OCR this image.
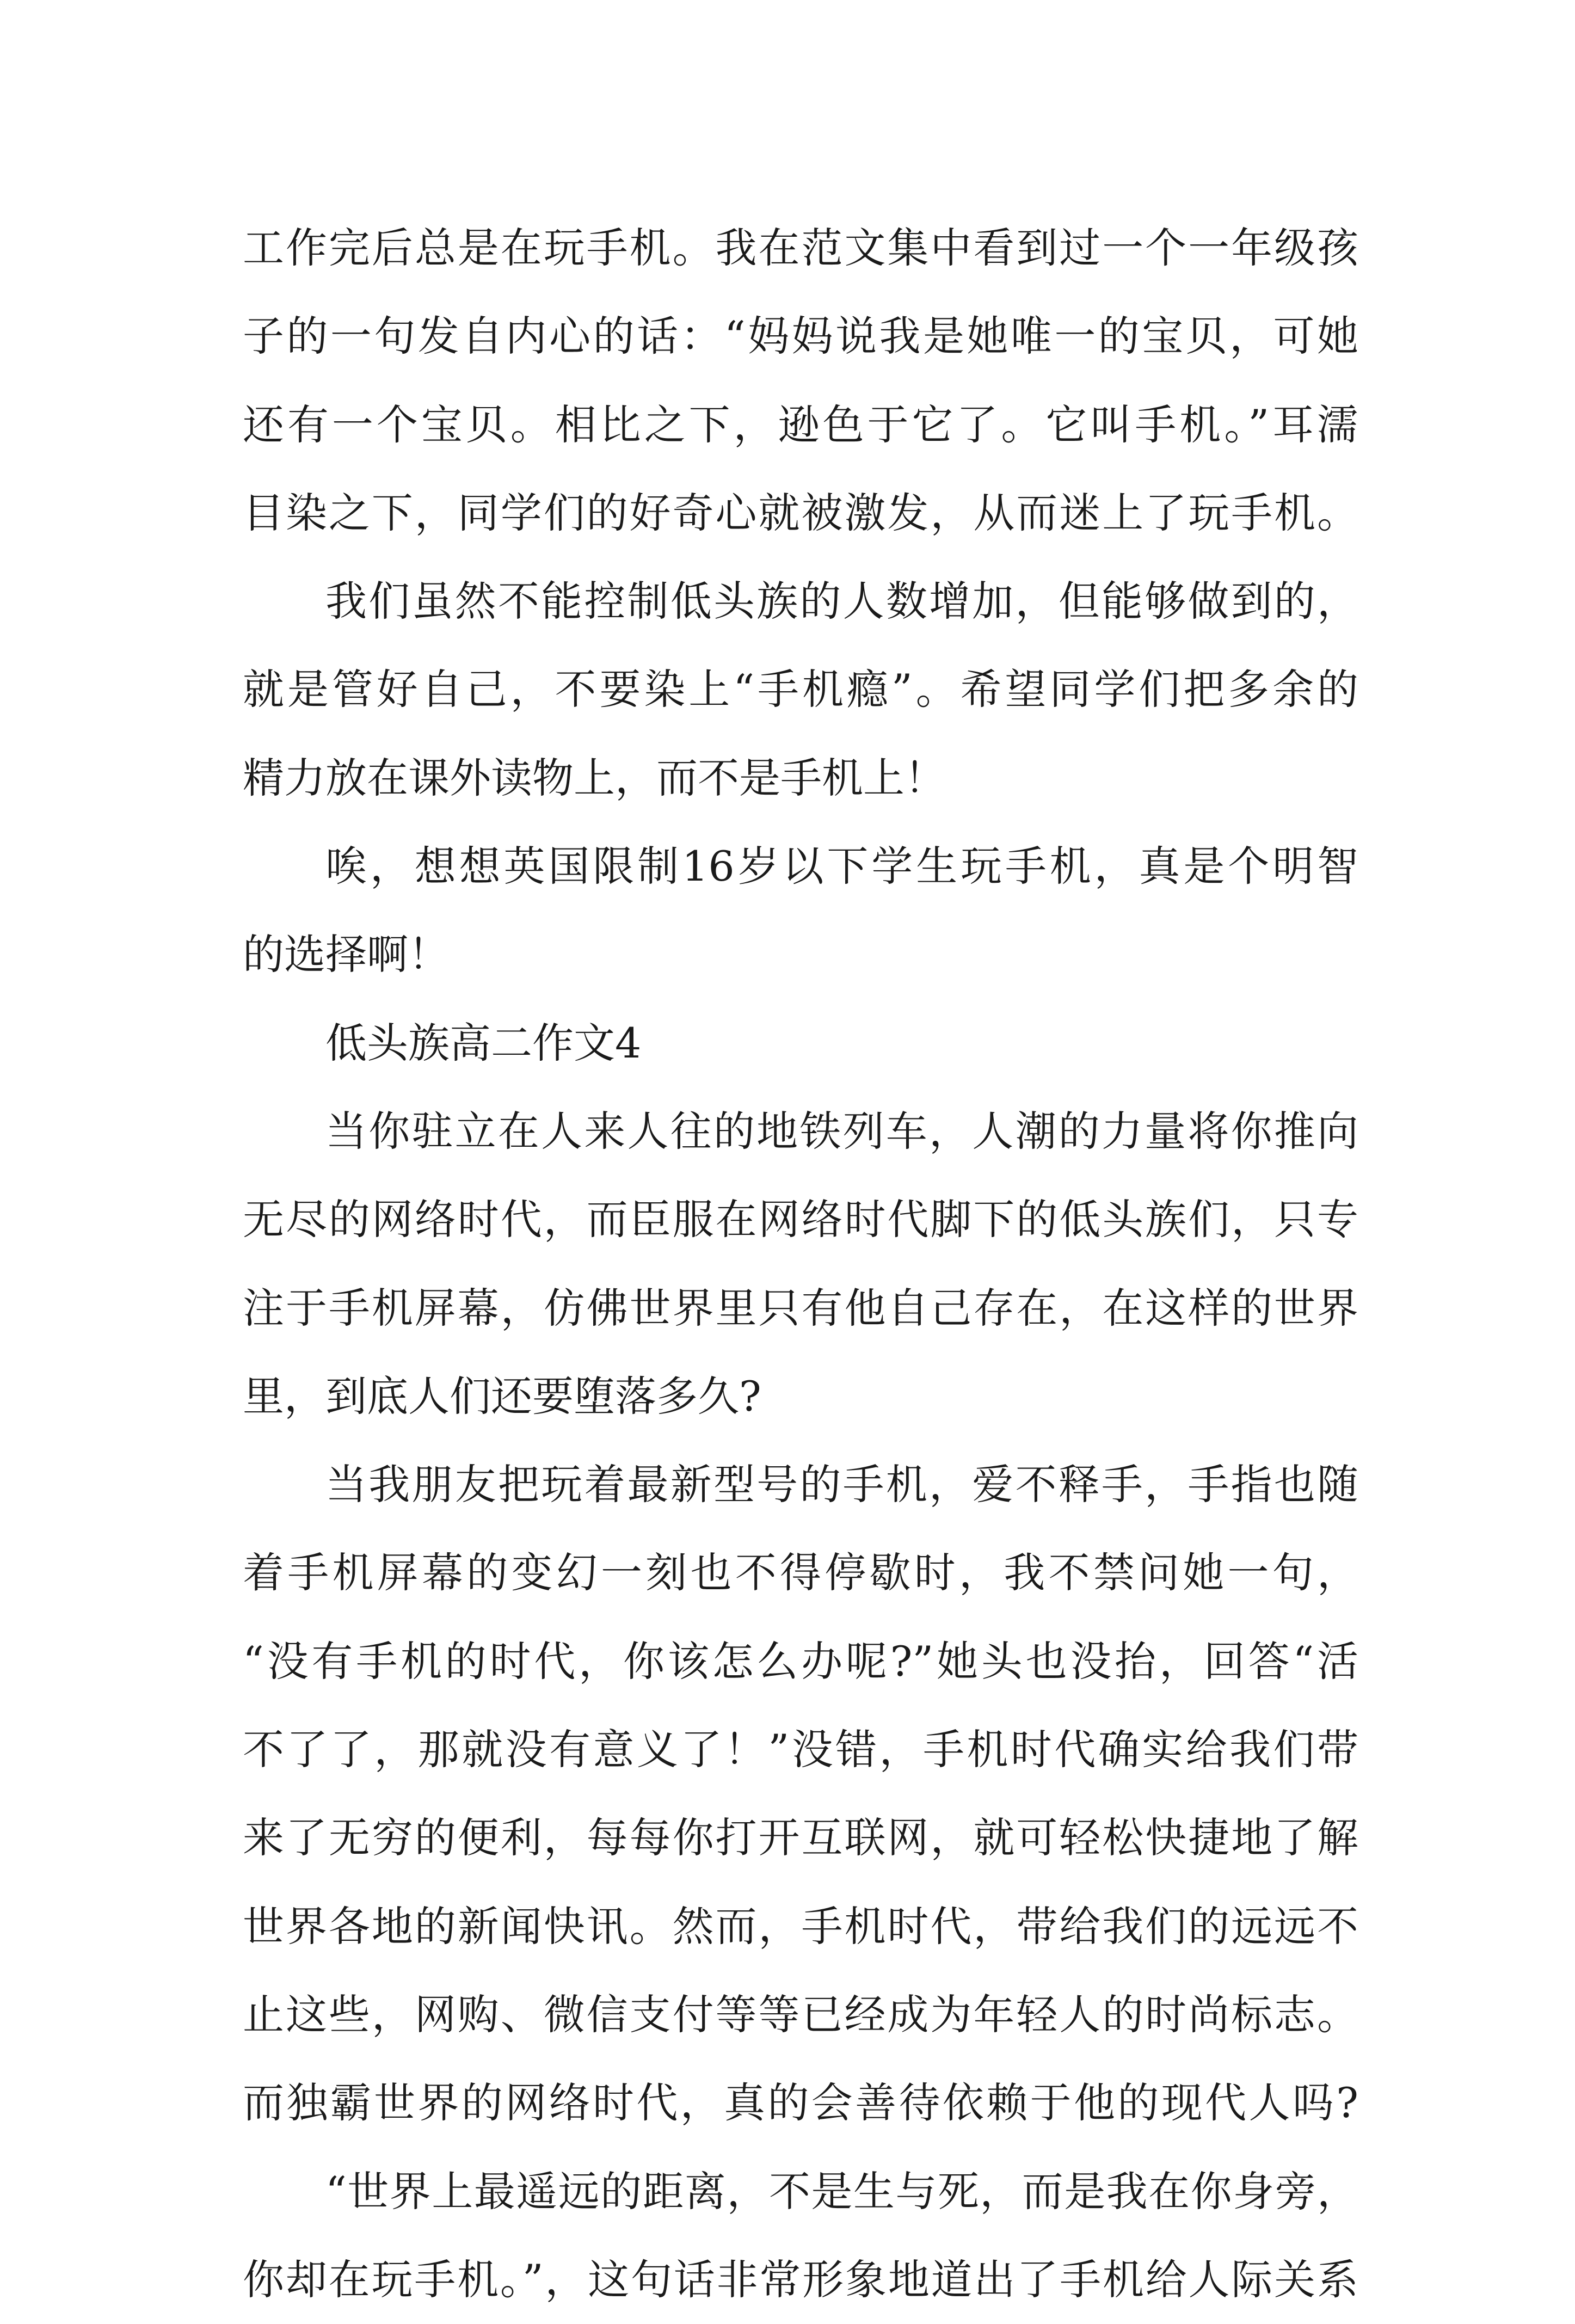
工作完后总是在玩手机。我在范文集中看到过一个一年级孩
子的一句发自内心的话：“妈妈说我是她唯一的宝贝，可她
还有一个宝贝。相比之下，逊色于它了。它叫手机。”耳濡
目染之下，同学们的好奇心就被激发，从而迷上了玩手机。
我们虽然不能控制低头族的人数增加，但能够做到的，
就是管好自己，不要染上“手机瘾”。希望同学们把多余的
精力放在课外读物上，而不是手机上！
唉，想想英国限制16岁以下学生玩手机，真是个明智
的选择啊！
低头族高二作文4
当你驻立在人来人往的地铁列车，人潮的力量将你推向
无尽的网络时代，而臣服在网络时代脚下的低头族们，只专
注于手机屏幕，仿佛世界里只有他自己存在，在这样的世界
里，到底人们还要堕落多久?
当我朋友把玩着最新型号的手机，爱不释手，手指也随
着手机屏幕的变幻一刻也不得停歇时，我不禁问她一句，
“没有手机的时代，你该怎么办呢?”她头也没抬，回答“活
不了了，那就没有意义了！”没错，手机时代确实给我们带
来了无穷的便利，每每你打开互联网，就可轻松快捷地了解
世界各地的新闻快讯。然而，手机时代，带给我们的远远不
止这些，网购、微信支付等等已经成为年轻人的时尚标志。
而独霸世界的网络时代，真的会善待依赖于他的现代人吗?
“世界上最遥远的距离，不是生与死，而是我在你身旁，
你却在玩手机。”，这句话非常形象地道出了手机给人际关系
